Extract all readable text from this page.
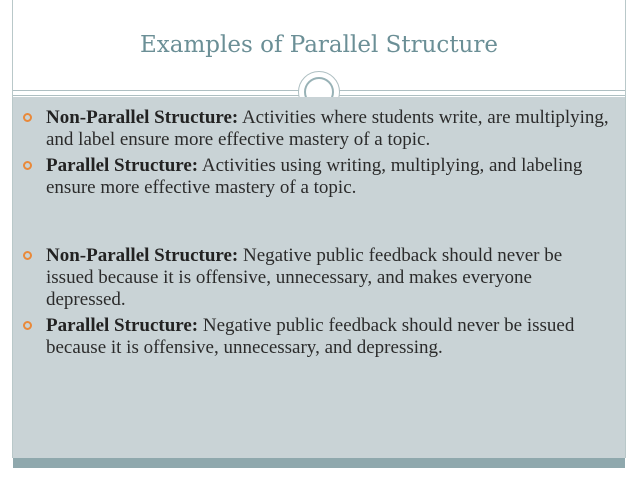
Examples of Parallel Structure
Non-Parallel Structure: Activities where students write, are multiplying, and label ensure more effective mastery of a topic.
Parallel Structure: Activities using writing, multiplying, and labeling ensure more effective mastery of a topic.
Non-Parallel Structure: Negative public feedback should never be issued because it is offensive, unnecessary, and makes everyone depressed.
Parallel Structure: Negative public feedback should never be issued because it is offensive, unnecessary, and depressing.
